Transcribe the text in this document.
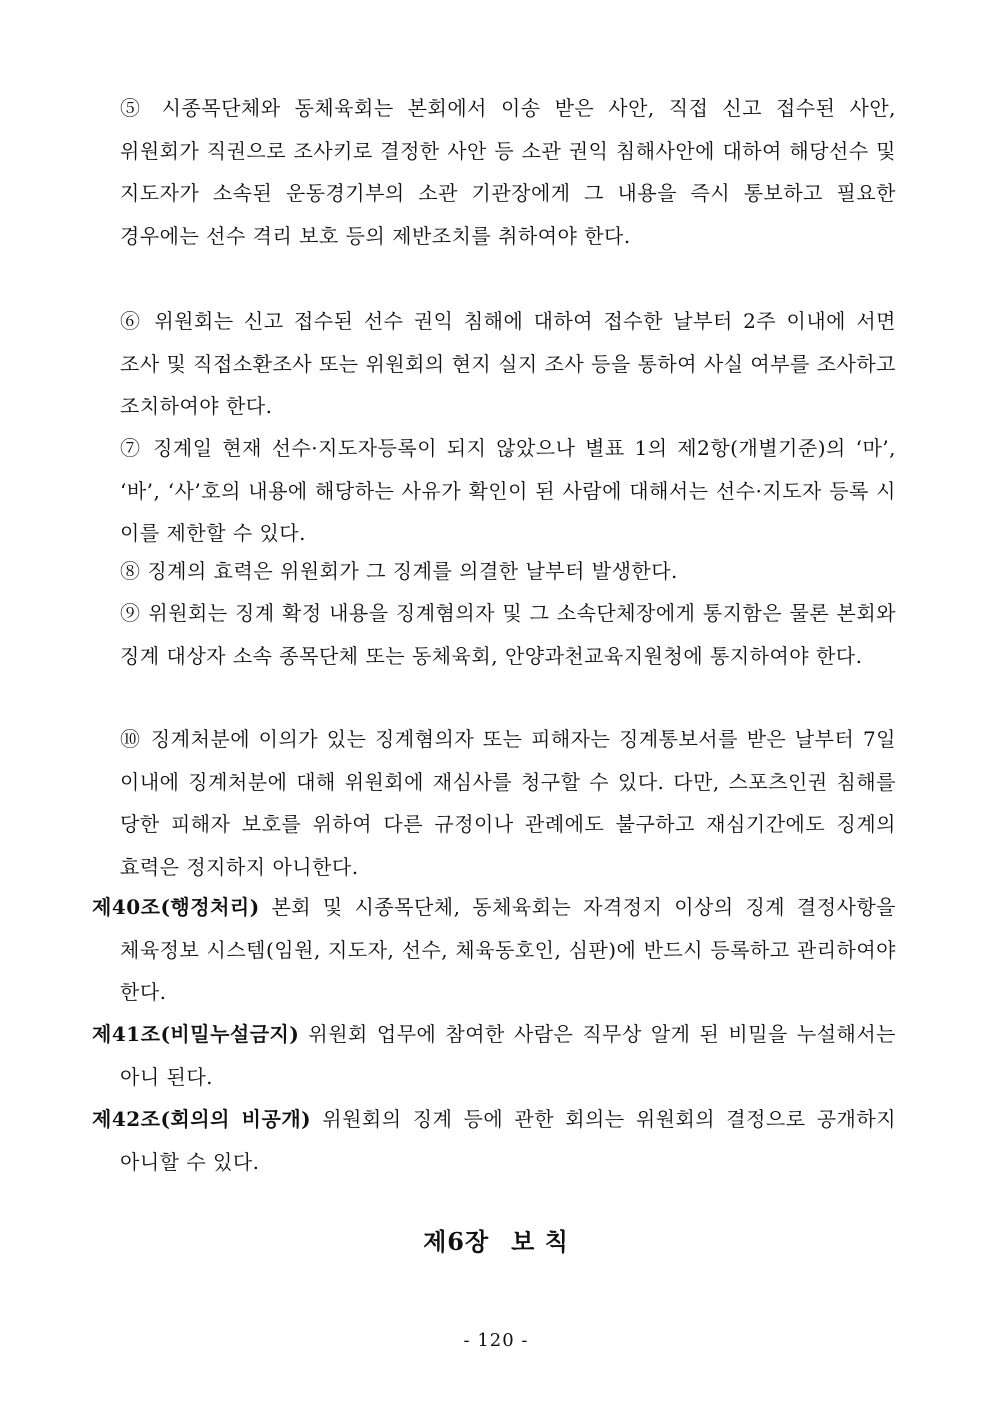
⑤ 시종목단체와 동체육회는 본회에서 이송 받은 사안, 직접 신고 접수된 사안, 위원회가 직권으로 조사키로 결정한 사안 등 소관 권익 침해사안에 대하여 해당선수 및 지도자가 소속된 운동경기부의 소관 기관장에게 그 내용을 즉시 통보하고 필요한 경우에는 선수 격리 보호 등의 제반조치를 취하여야 한다.

⑥ 위원회는 신고 접수된 선수 권익 침해에 대하여 접수한 날부터 2주 이내에 서면 조사 및 직접소환조사 또는 위원회의 현지 실지 조사 등을 통하여 사실 여부를 조사하고 조치하여야 한다.

⑦ 징계일 현재 선수·지도자등록이 되지 않았으나 별표 1의 제2항(개별기준)의 ‘마’, ‘바’, ‘사’호의 내용에 해당하는 사유가 확인이 된 사람에 대해서는 선수·지도자 등록 시 이를 제한할 수 있다.

⑧ 징계의 효력은 위원회가 그 징계를 의결한 날부터 발생한다.

⑨ 위원회는 징계 확정 내용을 징계혐의자 및 그 소속단체장에게 통지함은 물론 본회와 징계 대상자 소속 종목단체 또는 동체육회, 안양과천교육지원청에 통지하여야 한다.

⑩ 징계처분에 이의가 있는 징계혐의자 또는 피해자는 징계통보서를 받은 날부터 7일 이내에 징계처분에 대해 위원회에 재심사를 청구할 수 있다. 다만, 스포츠인권 침해를 당한 피해자 보호를 위하여 다른 규정이나 관례에도 불구하고 재심기간에도 징계의 효력은 정지하지 아니한다.

제40조(행정처리) 본회 및 시종목단체, 동체육회는 자격정지 이상의 징계 결정사항을 체육정보 시스템(임원, 지도자, 선수, 체육동호인, 심판)에 반드시 등록하고 관리하여야 한다.

제41조(비밀누설금지) 위원회 업무에 참여한 사람은 직무상 알게 된 비밀을 누설해서는 아니 된다.

제42조(회의의 비공개) 위원회의 징계 등에 관한 회의는 위원회의 결정으로 공개하지 아니할 수 있다.

제6장 보 칙

- 120 -
